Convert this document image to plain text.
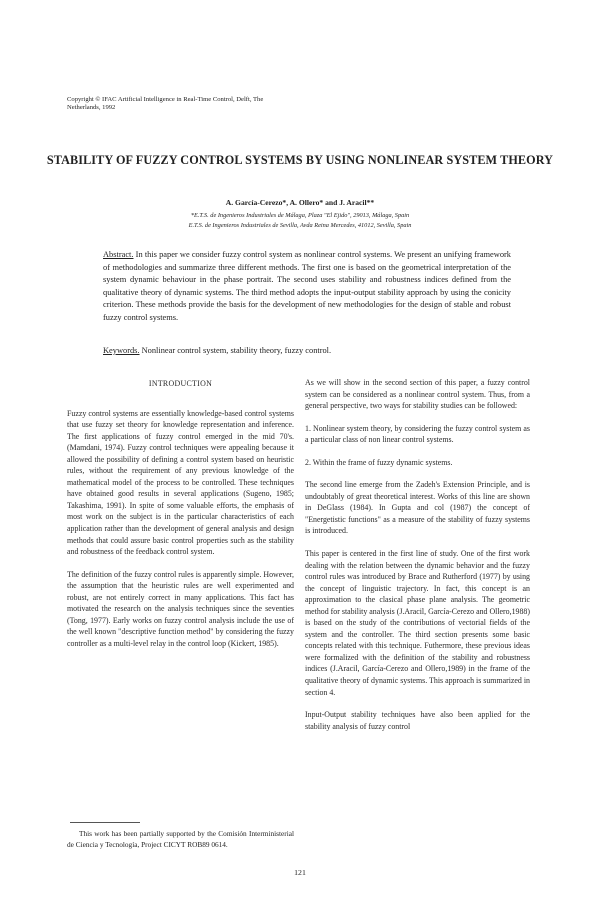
Copyright © IFAC Artificial Intelligence in Real-Time Control, Delft, The Netherlands, 1992
STABILITY OF FUZZY CONTROL SYSTEMS BY USING NONLINEAR SYSTEM THEORY
A. García-Cerezo*, A. Ollero* and J. Aracil**
*E.T.S. de Ingenieros Industriales de Málaga, Plaza "El Ejido", 29013, Málaga, Spain
E.T.S. de Ingenieros Industriales de Sevilla, Avda Reina Mercedes, 41012, Sevilla, Spain
Abstract. In this paper we consider fuzzy control system as nonlinear control systems. We present an unifying framework of methodologies and summarize three different methods. The first one is based on the geometrical interpretation of the system dynamic behaviour in the phase portrait. The second uses stability and robustness indices defined from the qualitative theory of dynamic systems. The third method adopts the input-output stability approach by using the conicity criterion. These methods provide the basis for the development of new methodologies for the design of stable and robust fuzzy control systems.
Keywords. Nonlinear control system, stability theory, fuzzy control.

INTRODUCTION

Fuzzy control systems are essentially knowledge-based control systems that use fuzzy set theory for knowledge representation and inference. The first applications of fuzzy control emerged in the mid 70's. (Mamdani, 1974). Fuzzy control techniques were appealing because it allowed the possibility of defining a control system based on heuristic rules, without the requirement of any previous knowledge of the mathematical model of the process to be controlled. These techniques have obtained good results in several applications (Sugeno, 1985; Takashima, 1991). In spite of some valuable efforts, the emphasis of most work on the subject is in the particular characteristics of each application rather than the development of general analysis and design methods that could assure basic control properties such as the stability and robustness of the feedback control system.

The definition of the fuzzy control rules is apparently simple. However, the assumption that the heuristic rules are well experimented and robust, are not entirely correct in many applications. This fact has motivated the research on the analysis techniques since the seventies (Tong, 1977). Early works on fuzzy control analysis include the use of the well known "descriptive function method" by considering the fuzzy controller as a multi-level relay in the control loop (Kickert, 1985).

As we will show in the second section of this paper, a fuzzy control system can be considered as a nonlinear control system. Thus, from a general perspective, two ways for stability studies can be followed:

1. Nonlinear system theory, by considering the fuzzy control system as a particular class of non linear control systems.

2. Within the frame of fuzzy dynamic systems.

The second line emerge from the Zadeh's Extension Principle, and is undoubtably of great theoretical interest. Works of this line are shown in DeGlass (1984). In Gupta and col (1987) the concept of "Energetistic functions" as a measure of the stability of fuzzy systems is introduced.

This paper is centered in the first line of study. One of the first work dealing with the relation between the dynamic behavior and the fuzzy control rules was introduced by Brace and Rutherford (1977) by using the concept of linguistic trajectory. In fact, this concept is an approximation to the clasical phase plane analysis. The geometric method for stability analysis (J.Aracil, García-Cerezo and Ollero,1988) is based on the study of the contributions of vectorial fields of the system and the controller. The third section presents some basic concepts related with this technique. Futhermore, these previous ideas were formalized with the definition of the stability and robustness indices (J.Aracil, García-Cerezo and Ollero,1989) in the frame of the qualitative theory of dynamic systems. This approach is summarized in section 4.

Input-Output stability techniques have also been applied for the stability analysis of fuzzy control

This work has been partially supported by the Comisión Interministerial de Ciencia y Tecnología, Project CICYT ROB89 0614.
121
